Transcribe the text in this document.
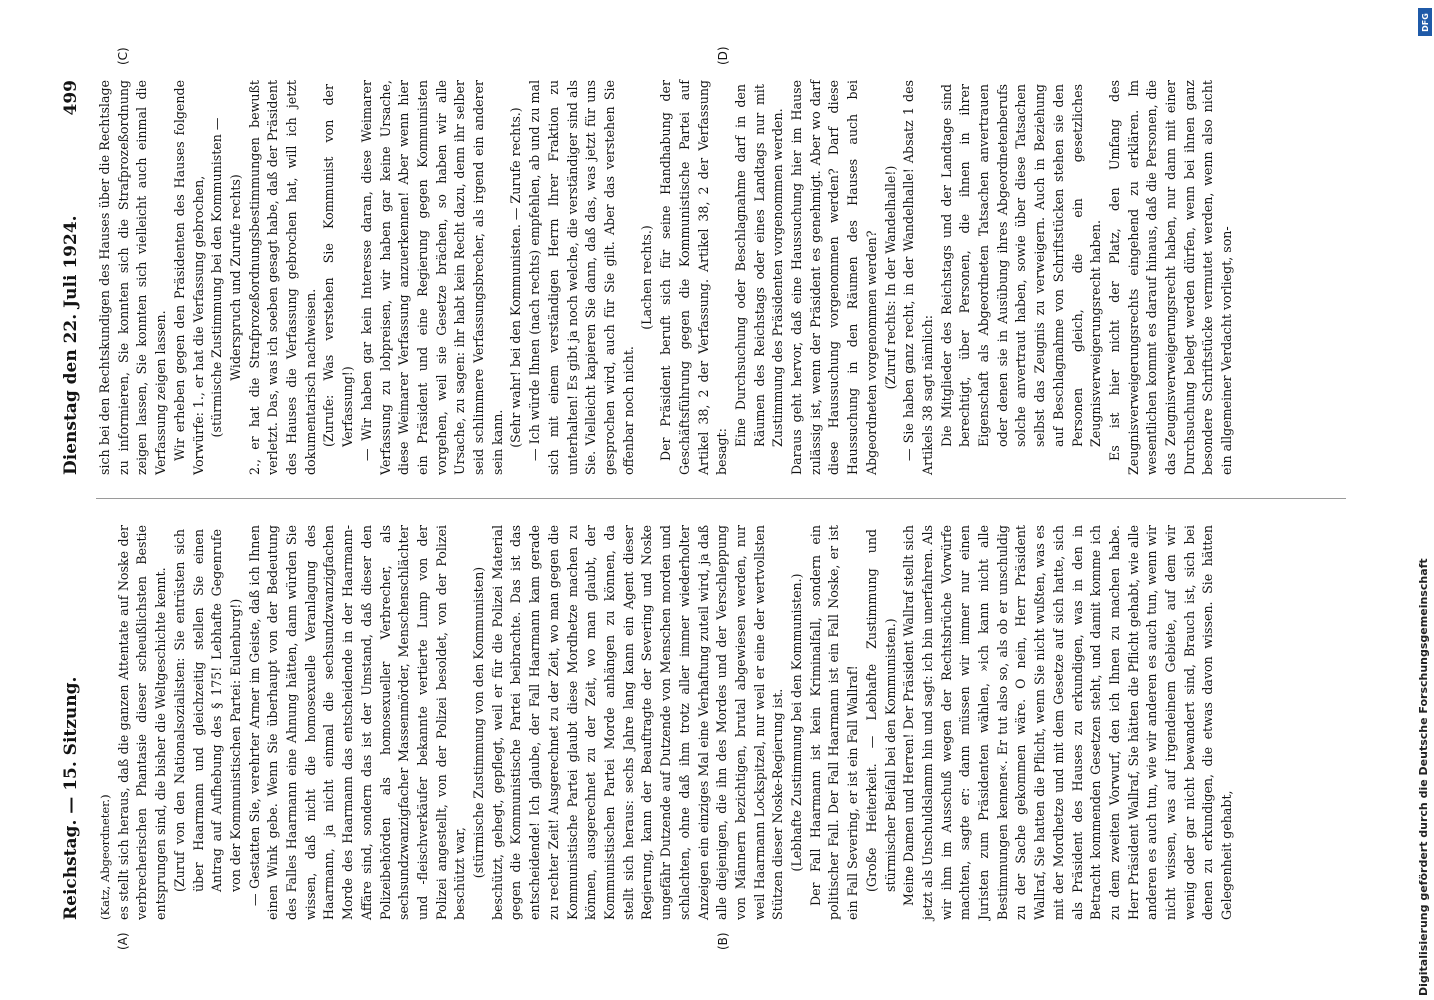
Reichstag. — 15. Sitzung. (Katz, Abgeordneter.) es stellt sich heraus, daß die ganzen Attentate auf Noske der verbrecherischen Phantasie dieser scheußlichsten Bestie entsprungen sind, die bisher die Weltgeschichte kennt. (Zuruf von den Nationalsozialisten: Sie entrüsten sich über Haarmann und gleichzeitig stellen Sie einen Antrag auf Aufhebung des § 175! Lebhafte Gegenrufe von der Kommunistischen Partei: Eulenburg!) — Gestatten Sie, verehrter Armer im Geiste, daß ich Ihnen einen Wink gebe. Wenn Sie überhaupt von der Bedeutung des Falles Haarmann eine Ahnung hätten, dann würden Sie wissen, daß nicht die homosexuelle Veranlagung des Haarmann, ja nicht einmal die sechsundzwanzigfachen Morde des Haarmann das entscheidende in der Haarmann-Affäre sind, sondern das ist der Umstand, daß dieser den Polizeibehörden als homosexueller Verbrecher, als sechsundzwanzigfacher Massenmörder, Menschenschlächter und -fleischverkäufer bekannte vertierte Lump von der Polizei angestellt, von der Polizei besoldet, von der Polizei beschützt war, (stürmische Zustimmung von den Kommunisten) beschützt, gehegt, gepflegt, weil er für die Polizei Material gegen die Kommunistische Partei beibrachte. Das ist das entscheidende! Ich glaube, der Fall Haarmann kam gerade zu rechter Zeit! Ausgerechnet zu der Zeit, wo man gegen die Kommunistische Partei glaubt diese Mordhetze machen zu können, ausgerechnet zu der Zeit, wo man glaubt, der Kommunistischen Partei Morde anhängen zu können, da stellt sich heraus: sechs Jahre lang kann ein Agent dieser Regierung, kann der Beauftragte der Severing und Noske ungefähr Dutzende auf Dutzende von Menschen morden und schlachten, ohne daß ihm trotz aller immer wiederholter Anzeigen ein einziges Mal eine Verhaftung zuteil wird, ja daß alle diejenigen, die ihn des Mordes und der Verschleppung von Männern bezichtigen, brutal abgewiesen werden, nur weil Haarmann Lockspitzel, nur weil er eine der wertvollsten Stützen dieser Noske-Regierung ist. (Lebhafte Zustimmung bei den Kommunisten.) Der Fall Haarmann ist kein Kriminalfall, sondern ein politischer Fall. Der Fall Haarmann ist ein Fall Noske, er ist ein Fall Severing, er ist ein Fall Wallraf! (Große Heiterkeit. — Lebhafte Zustimmung und stürmischer Beifall bei den Kommunisten.) Meine Damen und Herren! Der Präsident Wallraf stellt sich jetzt als Unschuldslamm hin und sagt: ich bin unerfahren. Als wir ihm im Ausschuß wegen der Rechtsbrüche Vorwürfe machten, sagte er: dann müssen wir immer nur einen Juristen zum Präsidenten wählen, »ich kann nicht alle Bestimmungen kennen«. Er tut also so, als ob er unschuldig zu der Sache gekommen wäre. O nein, Herr Präsident Wallraf, Sie hatten die Pflicht, wenn Sie nicht wußten, was es mit der Mordhetze und mit dem Gesetze auf sich hatte, sich als Präsident des Hauses zu erkundigen, was in den in Betracht kommenden Gesetzen steht, und damit komme ich zu dem zweiten Vorwurf, den ich Ihnen zu machen habe. Herr Präsident Wallraf, Sie hätten die Pflicht gehabt, wie alle anderen es auch tun, wie wir anderen es auch tun, wenn wir nicht wissen, was auf irgendeinem Gebiete, auf dem wir wenig oder gar nicht bewandert sind, Brauch ist, sich bei denen zu erkundigen, die etwas davon wissen. Sie hätten Gelegenheit gehabt,

Dienstag den 22. Juli 1924.
499 sich bei den Rechtskundigen des Hauses über die Rechtslage zu informieren, Sie konnten sich die Strafprozeßordnung zeigen lassen, Sie konnten sich vielleicht auch einmal die Verfassung zeigen lassen. Wir erheben gegen den Präsidenten des Hauses folgende Vorwürfe: 1., er hat die Verfassung gebrochen, (stürmische Zustimmung bei den Kommunisten — Widerspruch und Zurufe rechts) 2., er hat die Strafprozeßordnungsbestimmungen bewußt verletzt. Das, was ich soeben gesagt habe, daß der Präsident des Hauses die Verfassung gebrochen hat, will ich jetzt dokumentarisch nachweisen. (Zurufe: Was verstehen Sie Kommunist von der Verfassung!) — Wir haben gar kein Interesse daran, diese Weimarer Verfassung zu lobpreisen, wir haben gar keine Ursache, diese Weimarer Verfassung anzuerkennen! Aber wenn hier ein Präsident und eine Regierung gegen Kommunisten vorgehen, weil sie Gesetze brächen, so haben wir alle Ursache, zu sagen: ihr habt kein Recht dazu, denn ihr selber seid schlimmere Verfassungsbrecher, als irgend ein anderer sein kann. (Sehr wahr! bei den Kommunisten. — Zurufe rechts.) — Ich würde Ihnen (nach rechts) empfehlen, ab und zu mal sich mit einem verständigen Herrn Ihrer Fraktion zu unterhalten! Es gibt ja noch welche, die verständiger sind als Sie. Vielleicht kapieren Sie dann, daß das, was jetzt für uns gesprochen wird, auch für Sie gilt. Aber das verstehen Sie offenbar noch nicht.

(Lachen rechts.) Der Präsident beruft sich für seine Handhabung der Geschäftsführung gegen die Kommunistische Partei auf Artikel 38, 2 der Verfassung. Artikel 38, 2 der Verfassung besagt:

Eine Durchsuchung oder Beschlagnahme darf in den Räumen des Reichstags oder eines Landtags nur mit Zustimmung des Präsidenten vorgenommen werden. Daraus geht hervor, daß eine Haussuchung hier im Hause zulässig ist, wenn der Präsident es genehmigt. Aber wo darf diese Haussuchung vorgenommen werden? Darf diese Haussuchung in den Räumen des Hauses auch bei Abgeordneten vorgenommen werden? (Zuruf rechts: In der Wandelhalle!) — Sie haben ganz recht, in der Wandelhalle! Absatz 1 des Artikels 38 sagt nämlich: Die Mitglieder des Reichstags und der Landtage sind berechtigt, über Personen, die ihnen in ihrer Eigenschaft als Abgeordneten Tatsachen anvertrauen oder denen sie in Ausübung ihres Abgeordnetenberufs solche anvertraut haben, sowie über diese Tatsachen selbst das Zeugnis zu verweigern. Auch in Beziehung auf Beschlagnahme von Schriftstücken stehen sie den Personen gleich, die ein gesetzliches Zeugnisverweigerungsrecht haben. Es ist hier nicht der Platz, den Umfang des Zeugnisverweigerungsrechts eingehend zu erklären. Im wesentlichen kommt es darauf hinaus, daß die Personen, die das Zeugnisverweigerungsrecht haben, nur dann mit einer Durchsuchung belegt werden dürfen, wenn bei ihnen ganz besondere Schriftstücke vermutet werden, wenn also nicht ein allgemeiner Verdacht vorliegt, son-

(A)	(B)
(C)	(D)
DFG
Digitalisierung gefördert durch die Deutsche Forschungsgemeinschaft
